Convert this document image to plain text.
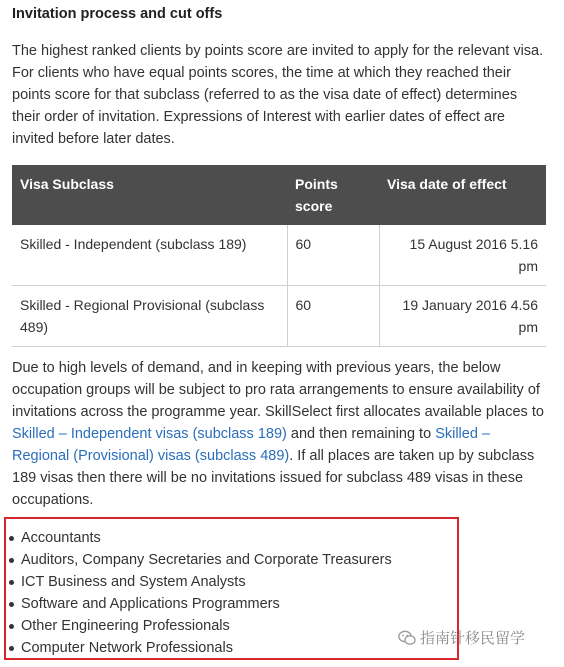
Invitation process and cut offs

The highest ranked clients by points score are invited to apply for the relevant visa. For clients who have equal points scores, the time at which they reached their points score for that subclass (referred to as the visa date of effect) determines their order of invitation. Expressions of Interest with earlier dates of effect are invited before later dates.

Visa Subclass	Points score	Visa date of effect
Skilled - Independent (subclass 189)	60	15 August 2016 5.16 pm
Skilled - Regional Provisional (subclass 489)	60	19 January 2016 4.56 pm

Due to high levels of demand, and in keeping with previous years, the below occupation groups will be subject to pro rata arrangements to ensure availability of invitations across the programme year. SkillSelect first allocates available places to Skilled – Independent visas (subclass 189) and then remaining to Skilled – Regional (Provisional) visas (subclass 489). If all places are taken up by subclass 189 visas then there will be no invitations issued for subclass 489 visas in these occupations.

Accountants
Auditors, Company Secretaries and Corporate Treasurers
ICT Business and System Analysts
Software and Applications Programmers
Other Engineering Professionals
Computer Network Professionals
指南针移民留学
